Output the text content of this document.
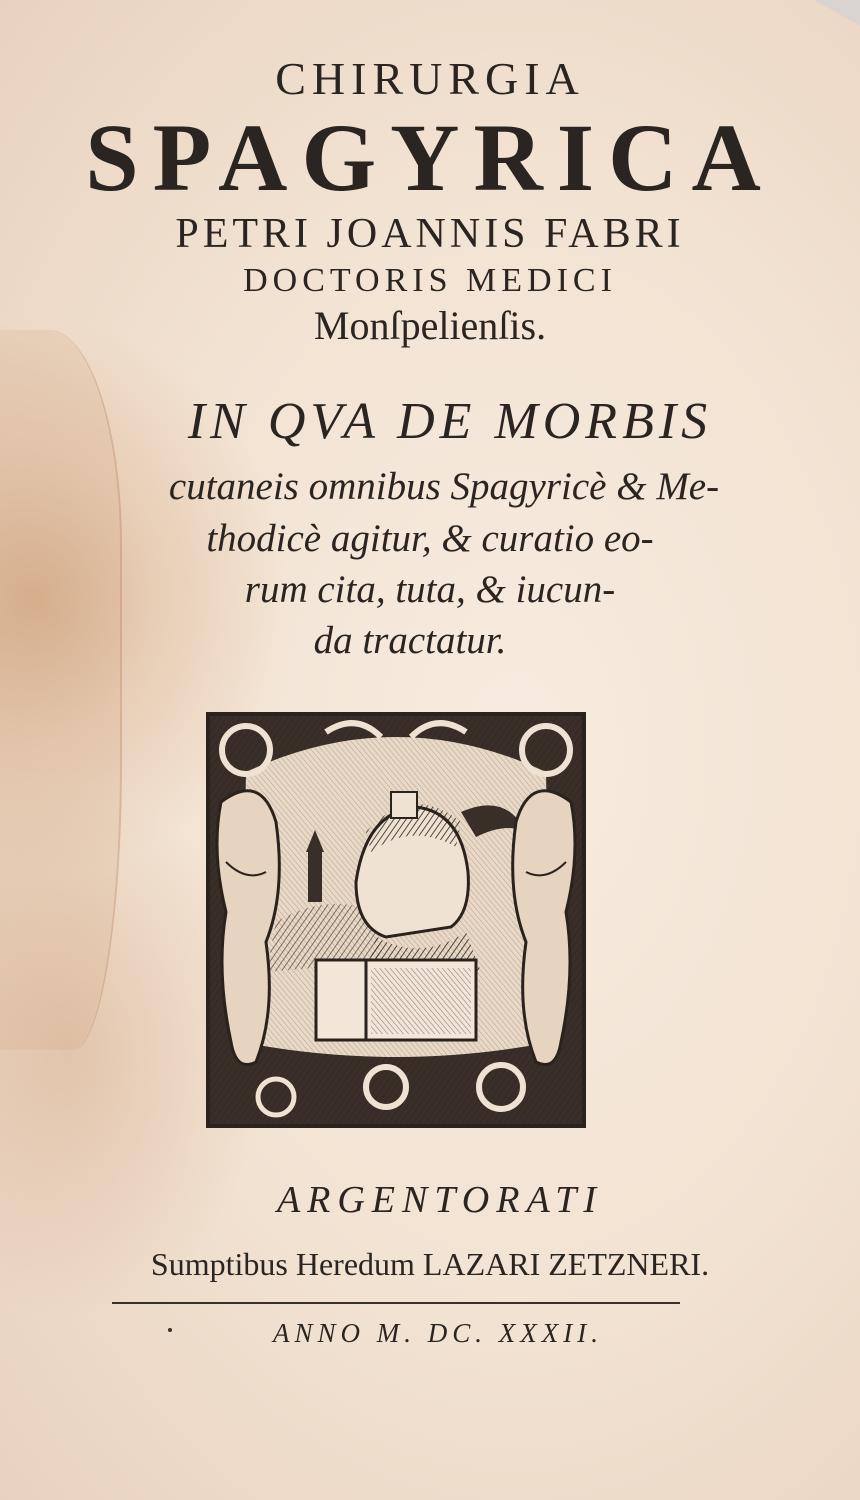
CHIRURGIA
SPAGYRICA
PETRI JOANNIS FABRI
DOCTORIS MEDICI
Monſpelienſis.
IN QVA DE MORBIS
cutaneis omnibus Spagyricè & Me-
thodicè agitur, & curatio eo-
rum cita, tuta, & iucun-
da tractatur.
ARGENTORATI
Sumptibus Heredum LAZARI ZETZNERI.
ANNO M. DC. XXXII.
